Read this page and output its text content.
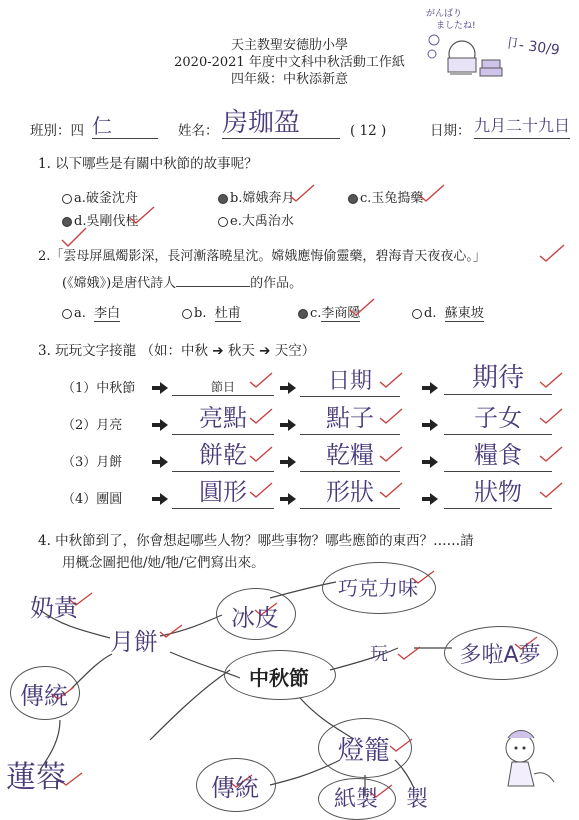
天主教聖安德肋小學
2020-2021 年度中文科中秋活動工作紙
四年級：中秋添新意
がんばり
ましたね!
卩- 30/9
班別：四 仁	姓名： 房珈盈	( 12 )	日期： 九月二十九日
1. 以下哪些是有關中秋節的故事呢？
a.破釜沈舟	b.嫦娥奔月	c.玉兔搗藥
d.吳剛伐桂	e.大禹治水
2.「雲母屏風燭影深，長河漸落曉星沈。嫦娥應悔偷靈藥，碧海青天夜夜心。」
(《嫦娥》)是唐代詩人	的作品。
a. 李白	b. 杜甫	c.李商隱	d. 蘇東坡
3. 玩玩文字接龍 （如：中秋 ➔ 秋天 ➔ 天空）
（1）中秋節	節日	日期	期待
（2）月亮	亮點	點子	子女
（3）月餅	餅乾	乾糧	糧食
（4）團圓	圓形	形狀	狀物
4. 中秋節到了，你會想起哪些人物？哪些事物？哪些應節的東西？……請
用概念圖把他/她/牠/它們寫出來。
中秋節
奶黃
月餅
傳統
蓮蓉
冰皮
巧克力味
玩	多啦A夢
燈籠
傳統	紙製	製
